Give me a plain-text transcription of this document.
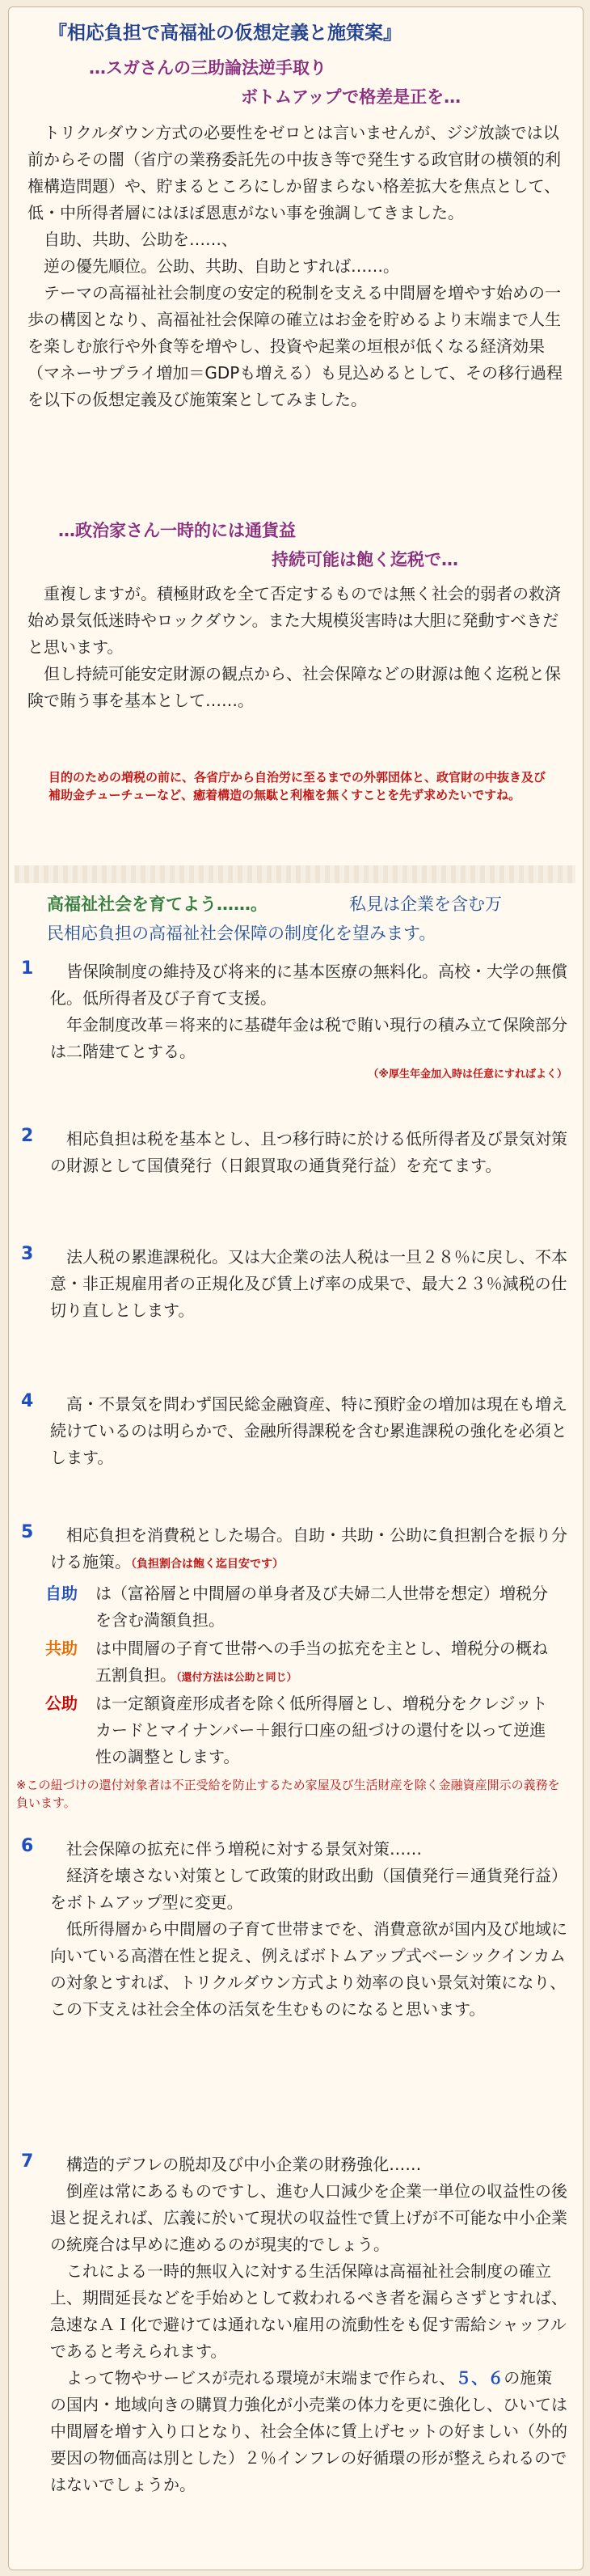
『相応負担で高福祉の仮想定義と施策案』
…スガさんの三助論法逆手取り
ボトムアップで格差是正を…

トリクルダウン方式の必要性をゼロとは言いませんが、ジジ放談では以前からその闇（省庁の業務委託先の中抜き等で発生する政官財の横領的利権構造問題）や、貯まるところにしか留まらない格差拡大を焦点として、低・中所得者層にはほぼ恩恵がない事を強調してきました。

自助、共助、公助を……、

逆の優先順位。公助、共助、自助とすれば……。

テーマの高福祉社会制度の安定的税制を支える中間層を増やす始めの一歩の構図となり、高福祉社会保障の確立はお金を貯めるより末端まで人生を楽しむ旅行や外食等を増やし、投資や起業の垣根が低くなる経済効果（マネーサプライ増加＝GDPも増える）も見込めるとして、その移行過程を以下の仮想定義及び施策案としてみました。

…政治家さん一時的には通貨益
持続可能は飽く迄税で…

重複しますが。積極財政を全て否定するものでは無く社会的弱者の救済始め景気低迷時やロックダウン。また大規模災害時は大胆に発動すべきだと思います。

但し持続可能安定財源の観点から、社会保障などの財源は飽く迄税と保険で賄う事を基本として……。

目的のための増税の前に、各省庁から自治労に至るまでの外郭団体と、政官財の中抜き及び補助金チューチューなど、癒着構造の無駄と利権を無くすことを先ず求めたいですね。
高福祉社会を育てよう……。	私見は企業を含む万
民相応負担の高福祉社会保障の制度化を望みます。
1	皆保険制度の維持及び将来的に基本医療の無料化。高校・大学の無償化。低所得者及び子育て支援。

年金制度改革＝将来的に基礎年金は税で賄い現行の積み立て保険部分は二階建てとする。

（※厚生年金加入時は任意にすればよく）

2	相応負担は税を基本とし、且つ移行時に於ける低所得者及び景気対策の財源として国債発行（日銀買取の通貨発行益）を充てます。

3	法人税の累進課税化。又は大企業の法人税は一旦２８％に戻し、不本意・非正規雇用者の正規化及び賃上げ率の成果で、最大２３％減税の仕切り直しとします。

4	高・不景気を問わず国民総金融資産、特に預貯金の増加は現在も増え続けているのは明らかで、金融所得課税を含む累進課税の強化を必須とします。

5	相応負担を消費税とした場合。自助・共助・公助に負担割合を振り分ける施策。（負担割合は飽く迄目安です）

自助	は（富裕層と中間層の単身者及び夫婦二人世帯を想定）増税分を含む満額負担。
共助	は中間層の子育て世帯への手当の拡充を主とし、増税分の概ね五割負担。（還付方法は公助と同じ）
公助	は一定額資産形成者を除く低所得層とし、増税分をクレジットカードとマイナンバー＋銀行口座の紐づけの還付を以って逆進性の調整とします。
※この紐づけの還付対象者は不正受給を防止するため家屋及び生活財産を除く金融資産開示の義務を負います。
6	社会保障の拡充に伴う増税に対する景気対策……

経済を壊さない対策として政策的財政出動（国債発行＝通貨発行益）をボトムアップ型に変更。

低所得層から中間層の子育て世帯までを、消費意欲が国内及び地域に向いている高潜在性と捉え、例えばボトムアップ式ベーシックインカムの対象とすれば、トリクルダウン方式より効率の良い景気対策になり、この下支えは社会全体の活気を生むものになると思います。

7	構造的デフレの脱却及び中小企業の財務強化……

倒産は常にあるものですし、進む人口減少を企業一単位の収益性の後退と捉えれば、広義に於いて現状の収益性で賃上げが不可能な中小企業の統廃合は早めに進めるのが現実的でしょう。

これによる一時的無収入に対する生活保障は高福祉社会制度の確立上、期間延長などを手始めとして救われるべき者を漏らさずとすれば、急速なＡＩ化で避けては通れない雇用の流動性をも促す需給シャッフルであると考えられます。

よって物やサービスが売れる環境が末端まで作られ、５、６の施策の国内・地域向きの購買力強化が小売業の体力を更に強化し、ひいては中間層を増す入り口となり、社会全体に賃上げセットの好ましい（外的要因の物価高は別とした）２％インフレの好循環の形が整えられるのではないでしょうか。
